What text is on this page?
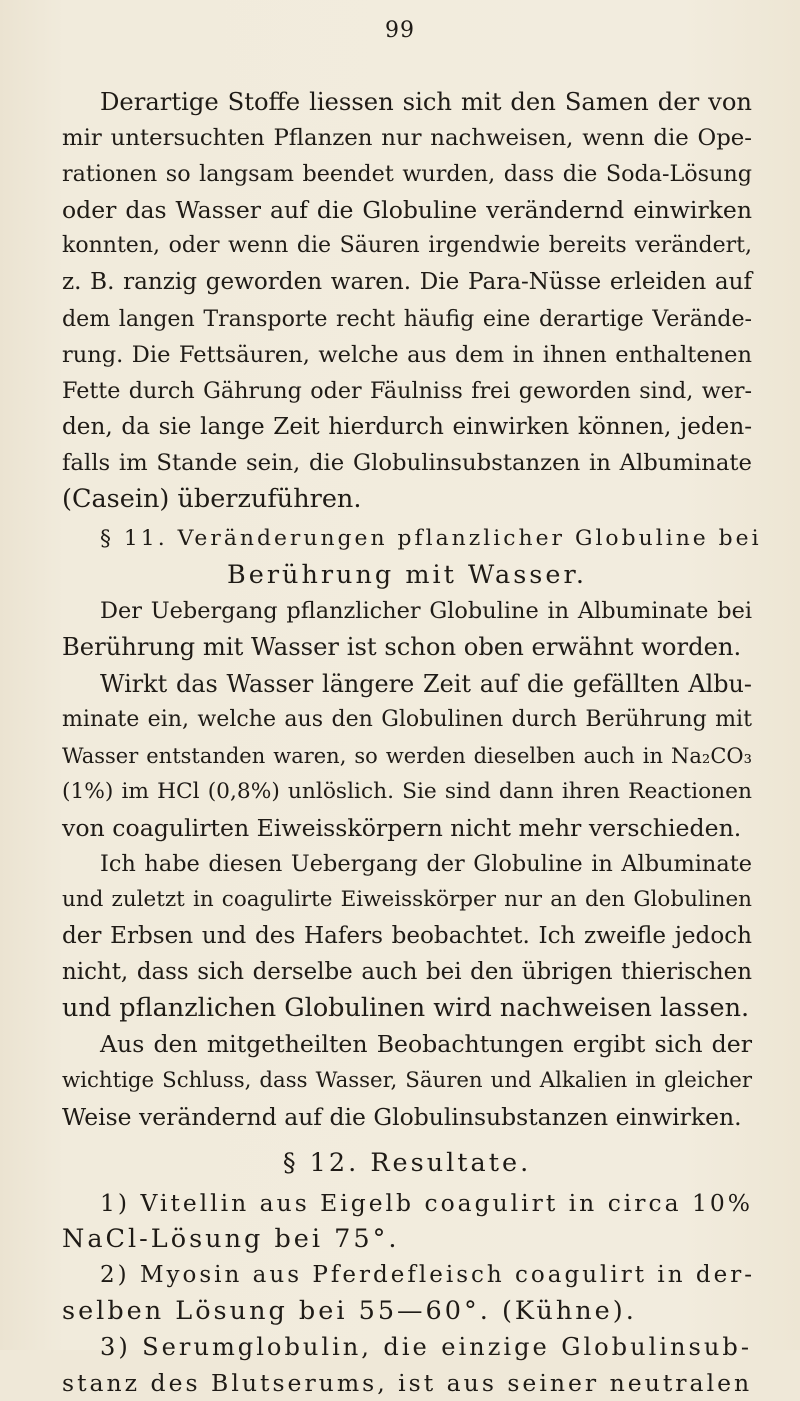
99
Derartige Stoffe liessen sich mit den Samen der von
mir untersuchten Pflanzen nur nachweisen, wenn die Ope-
rationen so langsam beendet wurden, dass die Soda-Lösung
oder das Wasser auf die Globuline verändernd einwirken
konnten, oder wenn die Säuren irgendwie bereits verändert,
z. B. ranzig geworden waren. Die Para-Nüsse erleiden auf
dem langen Transporte recht häufig eine derartige Verände-
rung. Die Fettsäuren, welche aus dem in ihnen enthaltenen
Fette durch Gährung oder Fäulniss frei geworden sind, wer-
den, da sie lange Zeit hierdurch einwirken können, jeden-
falls im Stande sein, die Globulinsubstanzen in Albuminate
(Casein) überzuführen.
§ 11. Veränderungen pflanzlicher Globuline bei
Berührung mit Wasser.
Der Uebergang pflanzlicher Globuline in Albuminate bei
Berührung mit Wasser ist schon oben erwähnt worden.
Wirkt das Wasser längere Zeit auf die gefällten Albu-
minate ein, welche aus den Globulinen durch Berührung mit
Wasser entstanden waren, so werden dieselben auch in Na₂CO₃
(1%) im HCl (0,8%) unlöslich. Sie sind dann ihren Reactionen
von coagulirten Eiweisskörpern nicht mehr verschieden.
Ich habe diesen Uebergang der Globuline in Albuminate
und zuletzt in coagulirte Eiweisskörper nur an den Globulinen
der Erbsen und des Hafers beobachtet. Ich zweifle jedoch
nicht, dass sich derselbe auch bei den übrigen thierischen
und pflanzlichen Globulinen wird nachweisen lassen.
Aus den mitgetheilten Beobachtungen ergibt sich der
wichtige Schluss, dass Wasser, Säuren und Alkalien in gleicher
Weise verändernd auf die Globulinsubstanzen einwirken.
§ 12. Resultate.
1) Vitellin aus Eigelb coagulirt in circa 10%
NaCl-Lösung bei 75°.
2) Myosin aus Pferdefleisch coagulirt in der-
selben Lösung bei 55—60°. (Kühne).
3) Serumglobulin, die einzige Globulinsub-
stanz des Blutserums, ist aus seiner neutralen
